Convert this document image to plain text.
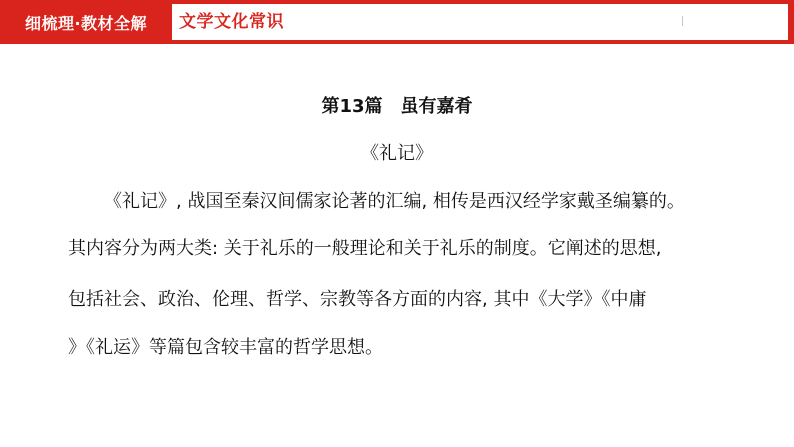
细梳理·教材全解	文学文化常识
第13篇　虽有嘉肴
《礼记》
《礼记》, 战国至秦汉间儒家论著的汇编, 相传是西汉经学家戴圣编纂的。
其内容分为两大类: 关于礼乐的一般理论和关于礼乐的制度。它阐述的思想,
包括社会、政治、伦理、哲学、宗教等各方面的内容, 其中《大学》《中庸
》《礼运》等篇包含较丰富的哲学思想。
